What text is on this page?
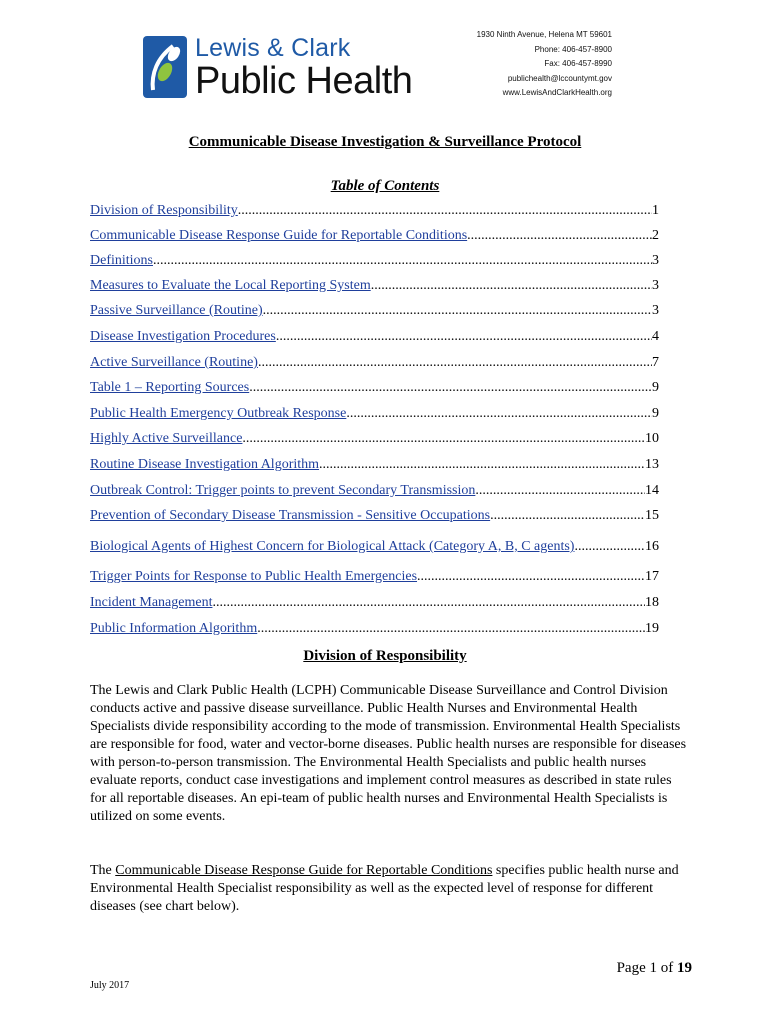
Lewis & Clark
Public Health
1930 Ninth Avenue, Helena MT 59601
Phone: 406-457-8900
Fax: 406-457-8990
publichealth@lccountymt.gov
www.LewisAndClarkHealth.org
Communicable Disease Investigation & Surveillance Protocol
Table of Contents
Division of Responsibility .....	1
Communicable Disease Response Guide for Reportable Conditions .....	2
Definitions .....	3
Measures to Evaluate the Local Reporting System .....	3
Passive Surveillance (Routine) .....	3
Disease Investigation Procedures .....	4
Active Surveillance (Routine) .....	7
Table 1 – Reporting Sources .....	9
Public Health Emergency Outbreak Response .....	9
Highly Active Surveillance .....	10
Routine Disease Investigation Algorithm .....	13
Outbreak Control: Trigger points to prevent Secondary Transmission .....	14
Prevention of Secondary Disease Transmission - Sensitive Occupations .....	15
Biological Agents of Highest Concern for Biological Attack (Category A, B, C agents) .....	16
Trigger Points for Response to Public Health Emergencies .....	17
Incident Management .....	18
Public Information Algorithm .....	19
Division of Responsibility
The Lewis and Clark Public Health (LCPH) Communicable Disease Surveillance and Control Division conducts active and passive disease surveillance. Public Health Nurses and Environmental Health Specialists divide responsibility according to the mode of transmission. Environmental Health Specialists are responsible for food, water and vector-borne diseases. Public health nurses are responsible for diseases with person-to-person transmission. The Environmental Health Specialists and public health nurses evaluate reports, conduct case investigations and implement control measures as described in state rules for all reportable diseases. An epi-team of public health nurses and Environmental Health Specialists is utilized on some events.
The Communicable Disease Response Guide for Reportable Conditions specifies public health nurse and Environmental Health Specialist responsibility as well as the expected level of response for different diseases (see chart below).
Page 1 of 19
July 2017
